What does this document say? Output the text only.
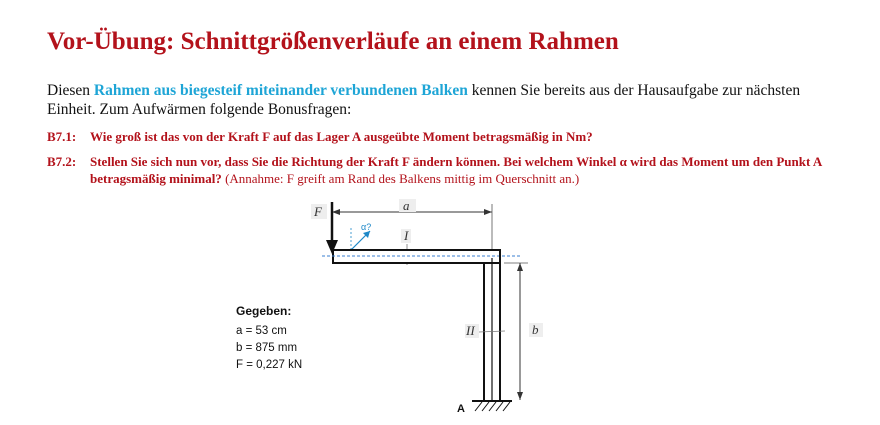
Vor-Übung: Schnittgrößenverläufe an einem Rahmen
Diesen Rahmen aus biegesteif miteinander verbundenen Balken kennen Sie bereits aus der Hausaufgabe zur nächsten Einheit. Zum Aufwärmen folgende Bonusfragen:
B7.1: Wie groß ist das von der Kraft F auf das Lager A ausgeübte Moment betragsmäßig in Nm?
B7.2: Stellen Sie sich nun vor, dass Sie die Richtung der Kraft F ändern können. Bei welchem Winkel α wird das Moment um den Punkt A betragsmäßig minimal? (Annahme: F greift am Rand des Balkens mittig im Querschnitt an.)
Gegeben:
a = 53 cm
b = 875 mm
F = 0,227 kN
a
F
α?
I
II	b
A
